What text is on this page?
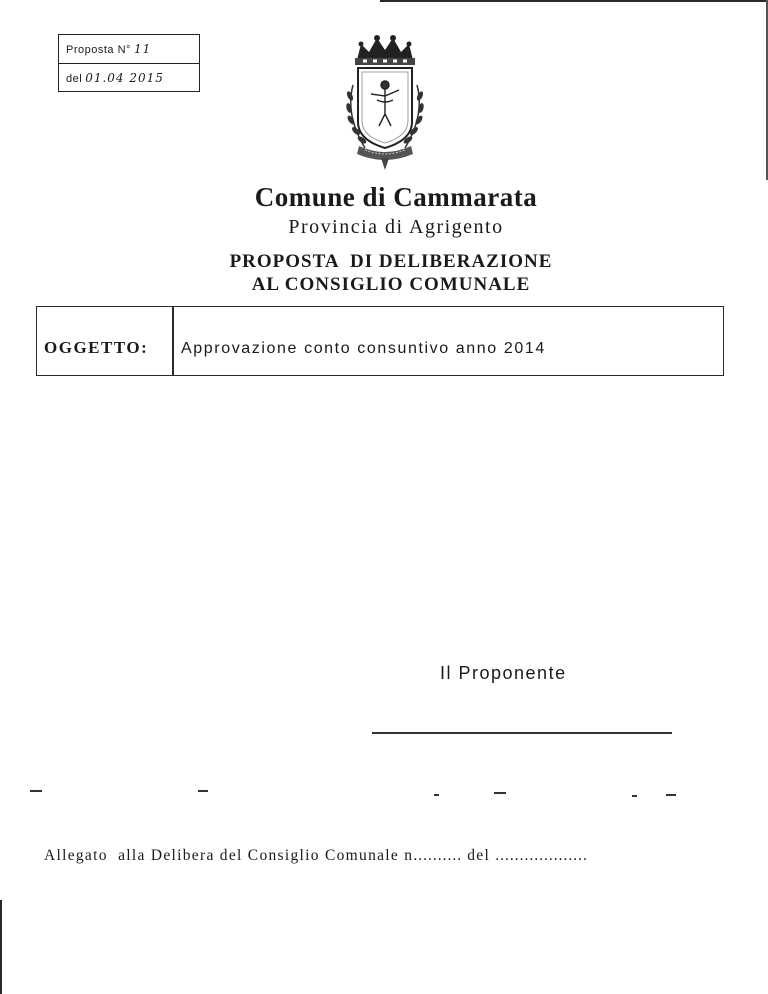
Proposta N° 11
del 01.04 2015
Comune di Cammarata
Provincia di Agrigento
PROPOSTA  DI DELIBERAZIONE
AL CONSIGLIO COMUNALE
OGGETTO: Approvazione conto consuntivo anno 2014
Il Proponente
Allegato  alla Delibera del Consiglio Comunale n.......... del ...................
